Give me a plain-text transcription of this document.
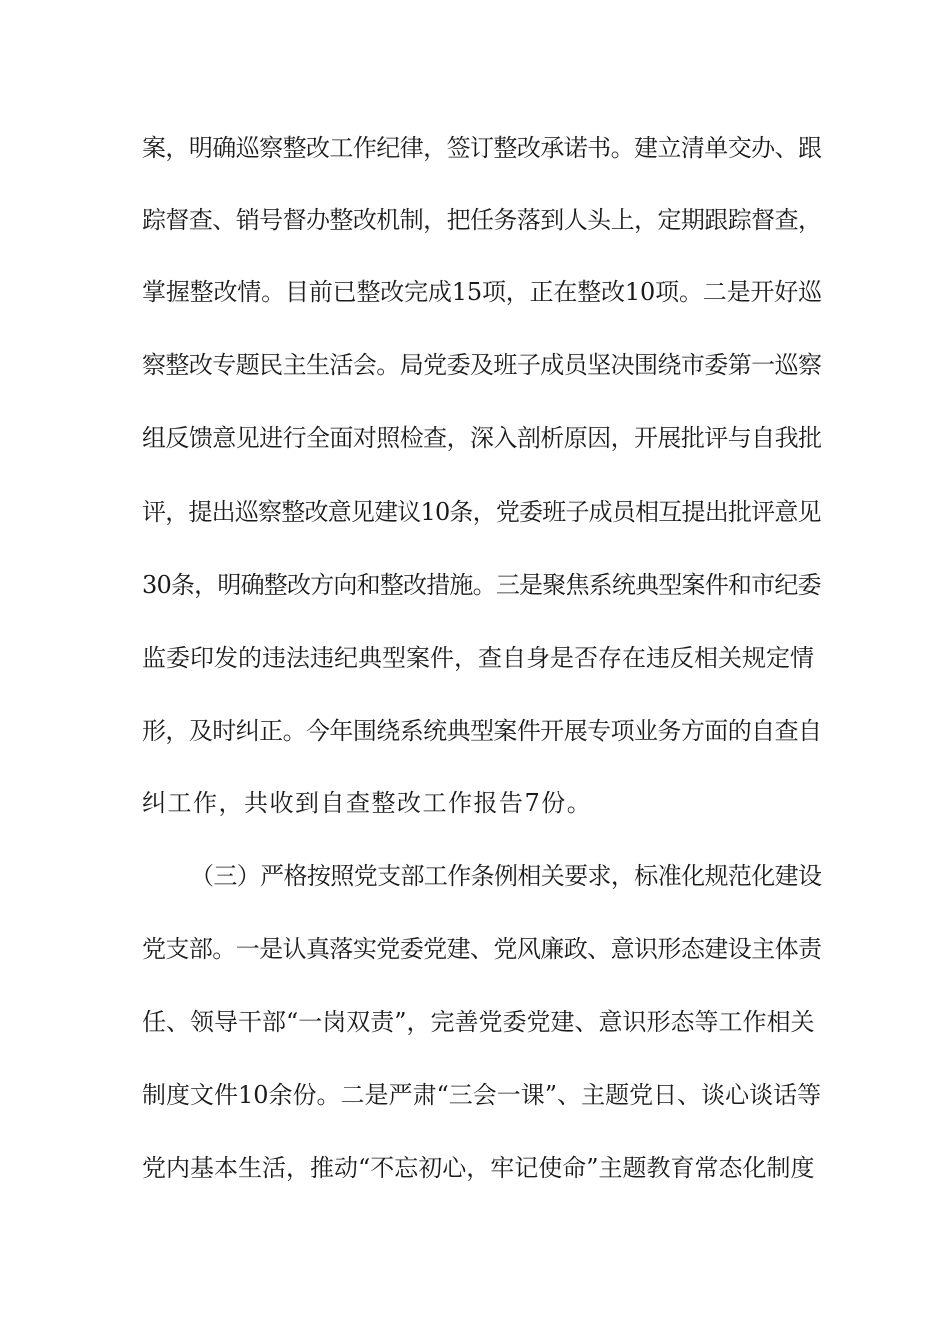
案，明确巡察整改工作纪律，签订整改承诺书。建立清单交办、跟
踪督查、销号督办整改机制，把任务落到人头上，定期跟踪督查，
掌握整改情。目前已整改完成15项，正在整改10项。二是开好巡
察整改专题民主生活会。局党委及班子成员坚决围绕市委第一巡察
组反馈意见进行全面对照检查，深入剖析原因，开展批评与自我批
评，提出巡察整改意见建议10条，党委班子成员相互提出批评意见
30条，明确整改方向和整改措施。三是聚焦系统典型案件和市纪委
监委印发的违法违纪典型案件，查自身是否存在违反相关规定情
形，及时纠正。今年围绕系统典型案件开展专项业务方面的自查自
纠工作，共收到自查整改工作报告7份。
（三）严格按照党支部工作条例相关要求，标准化规范化建设
党支部。一是认真落实党委党建、党风廉政、意识形态建设主体责
任、领导干部“一岗双责”，完善党委党建、意识形态等工作相关
制度文件10余份。二是严肃“三会一课”、主题党日、谈心谈话等
党内基本生活，推动“不忘初心，牢记使命”主题教育常态化制度
